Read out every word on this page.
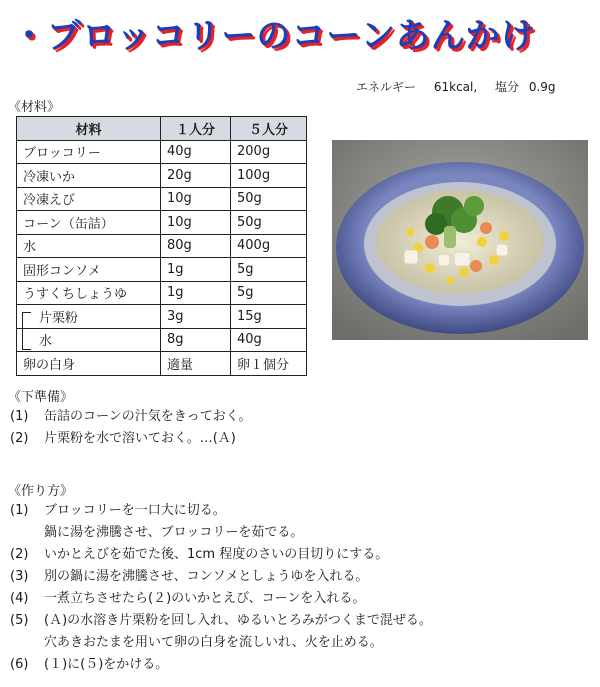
・ブロッコリーのコーンあんかけ
エネルギー 61kcal, 塩分 0.9g
《材料》
材料	１人分	５人分
ブロッコリー	40g	200g
冷凍いか	20g	100g
冷凍えび	10g	50g
コーン（缶詰）	10g	50g
水	80g	400g
固形コンソメ	1g	5g
うすくちしょうゆ	1g	5g
片栗粉	3g	15g
水	8g	40g
卵の白身	適量	卵１個分
《下準備》
(1) 缶詰のコーンの汁気をきっておく。
(2) 片栗粉を水で溶いておく。…(Ａ)
《作り方》
(1) ブロッコリーを一口大に切る。
鍋に湯を沸騰させ、ブロッコリーを茹でる。
(2) いかとえびを茹でた後、1cm 程度のさいの目切りにする。
(3) 別の鍋に湯を沸騰させ、コンソメとしょうゆを入れる。
(4) 一煮立ちさせたら(２)のいかとえび、コーンを入れる。
(5) (Ａ)の水溶き片栗粉を回し入れ、ゆるいとろみがつくまで混ぜる。
穴あきおたまを用いて卵の白身を流しいれ、火を止める。
(6) (１)に(５)をかける。
